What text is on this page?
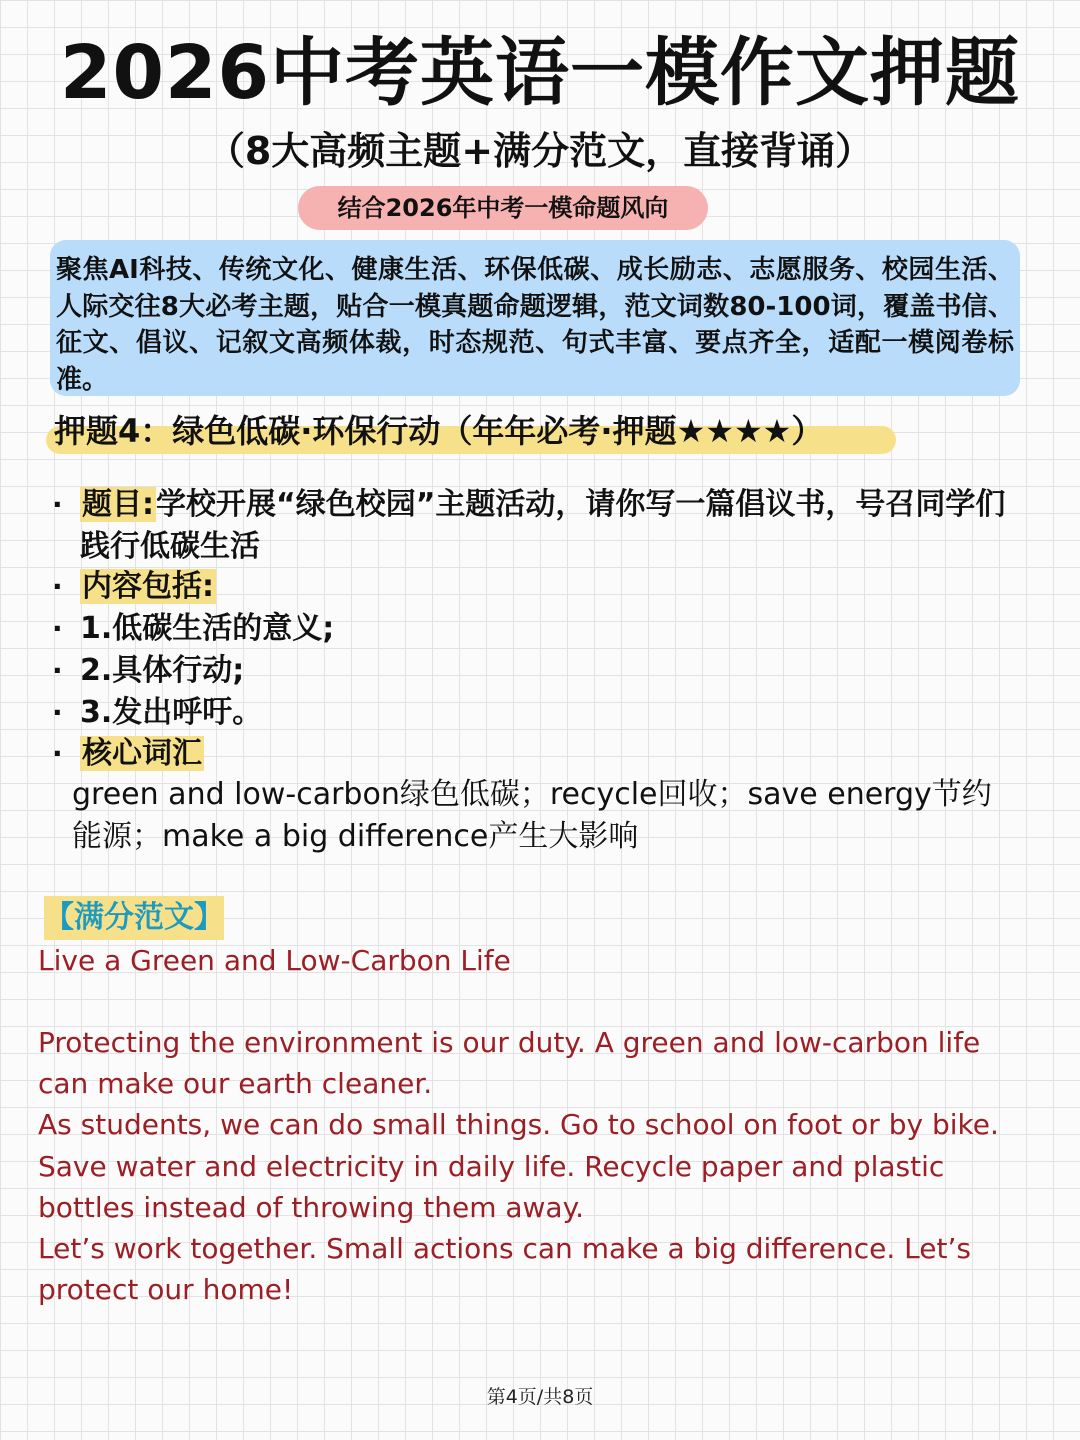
2026中考英语一模作文押题
（8大高频主题+满分范文，直接背诵）
结合2026年中考一模命题风向
聚焦AI科技、传统文化、健康生活、环保低碳、成长励志、志愿服务、校园生活、人际交往8大必考主题，贴合一模真题命题逻辑，范文词数80-100词，覆盖书信、征文、倡议、记叙文高频体裁，时态规范、句式丰富、要点齐全，适配一模阅卷标准。
押题4：绿色低碳·环保行动（年年必考·押题★★★★）
· 题目:学校开展“绿色校园”主题活动，请你写一篇倡议书，号召同学们践行低碳生活
· 内容包括:
· 1.低碳生活的意义;
· 2.具体行动;
· 3.发出呼吁。
· 核心词汇
green and low-carbon绿色低碳；recycle回收；save energy节约能源；make a big difference产生大影响
【满分范文】
Live a Green and Low-Carbon Life

Protecting the environment is our duty. A green and low-carbon life can make our earth cleaner.

As students, we can do small things. Go to school on foot or by bike. Save water and electricity in daily life. Recycle paper and plastic bottles instead of throwing them away.

Let’s work together. Small actions can make a big difference. Let’s protect our home!

第4页/共8页
